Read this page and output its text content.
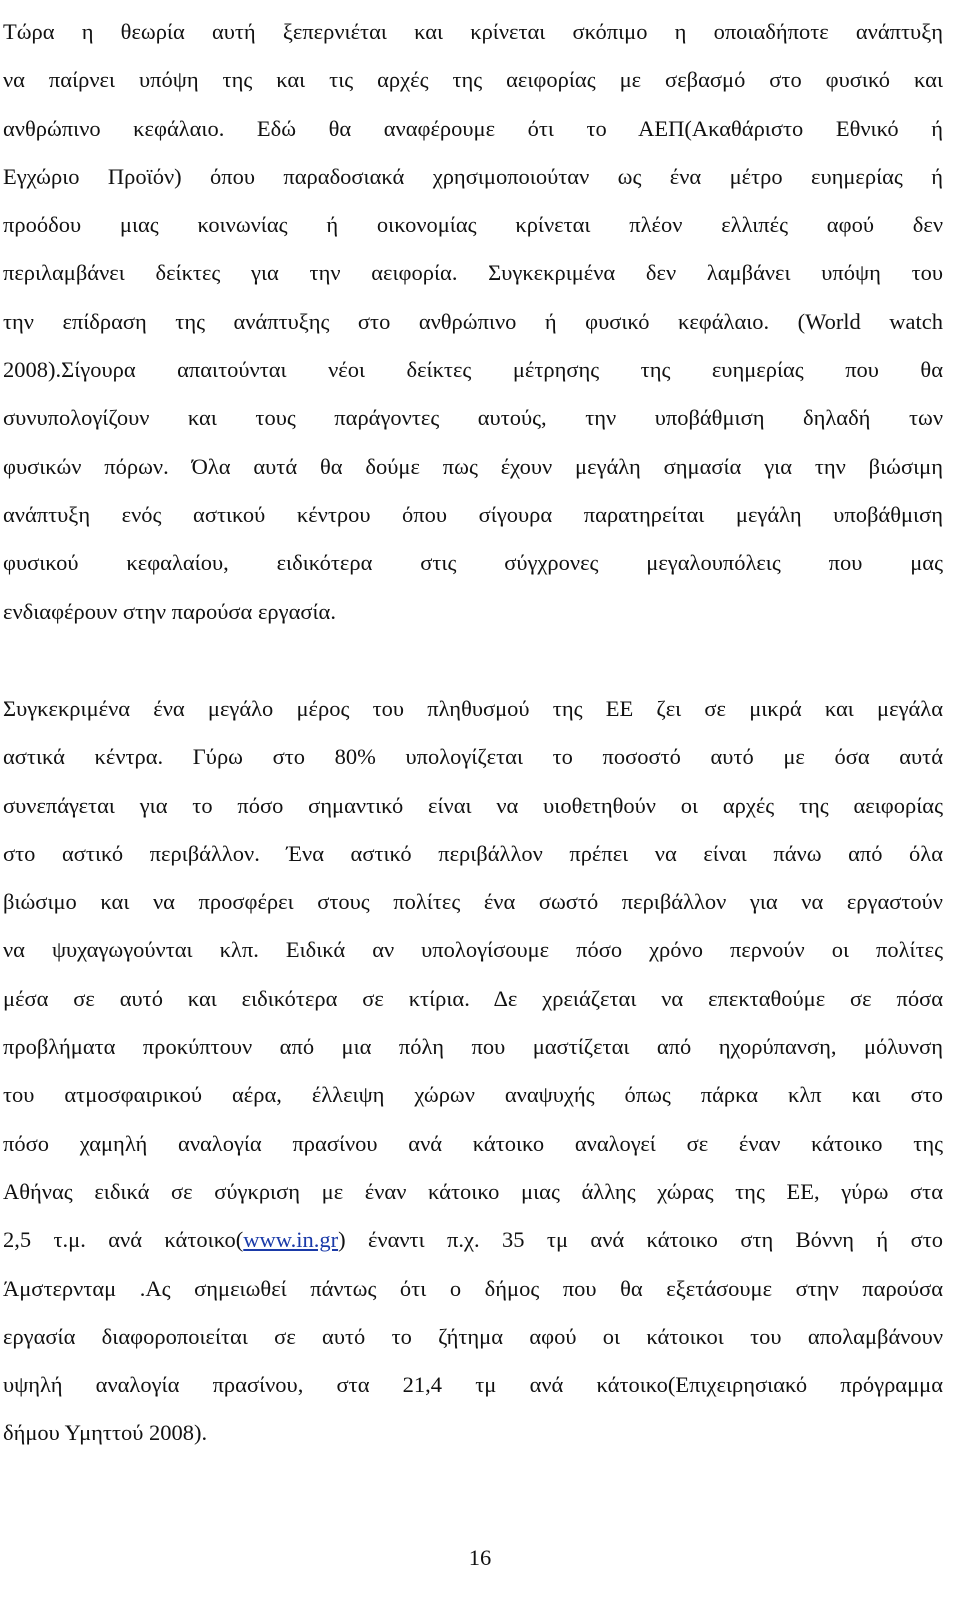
Τώρα η θεωρία αυτή ξεπερνιέται και κρίνεται σκόπιμο η οποιαδήποτε ανάπτυξη
να παίρνει υπόψη της και τις αρχές της αειφορίας με σεβασμό στο φυσικό και
ανθρώπινο κεφάλαιο. Εδώ θα αναφέρουμε ότι το ΑΕΠ(Ακαθάριστο Εθνικό ή
Εγχώριο Προϊόν) όπου παραδοσιακά χρησιμοποιούταν ως ένα μέτρο ευημερίας ή
προόδου μιας κοινωνίας ή οικονομίας κρίνεται πλέον ελλιπές αφού δεν
περιλαμβάνει δείκτες για την αειφορία. Συγκεκριμένα δεν λαμβάνει υπόψη του
την επίδραση της ανάπτυξης στο ανθρώπινο ή φυσικό κεφάλαιο. (World watch
2008).Σίγουρα απαιτούνται νέοι δείκτες μέτρησης της ευημερίας που θα
συνυπολογίζουν και τους παράγοντες αυτούς, την υποβάθμιση δηλαδή των
φυσικών πόρων. Όλα αυτά θα δούμε πως έχουν μεγάλη σημασία για την βιώσιμη
ανάπτυξη ενός αστικού κέντρου όπου σίγουρα παρατηρείται μεγάλη υποβάθμιση
φυσικού κεφαλαίου, ειδικότερα στις σύγχρονες μεγαλουπόλεις που μας
ενδιαφέρουν στην παρούσα εργασία.
Συγκεκριμένα ένα μεγάλο μέρος του πληθυσμού της ΕΕ ζει σε μικρά και μεγάλα
αστικά κέντρα. Γύρω στο 80% υπολογίζεται το ποσοστό αυτό με όσα αυτά
συνεπάγεται για το πόσο σημαντικό είναι να υιοθετηθούν οι αρχές της αειφορίας
στο αστικό περιβάλλον. Ένα αστικό περιβάλλον πρέπει να είναι πάνω από όλα
βιώσιμο και να προσφέρει στους πολίτες ένα σωστό περιβάλλον για να εργαστούν
να ψυχαγωγούνται κλπ. Ειδικά αν υπολογίσουμε πόσο χρόνο περνούν οι πολίτες
μέσα σε αυτό και ειδικότερα σε κτίρια. Δε χρειάζεται να επεκταθούμε σε πόσα
προβλήματα προκύπτουν από μια πόλη που μαστίζεται από ηχορύπανση, μόλυνση
του ατμοσφαιρικού αέρα, έλλειψη χώρων αναψυχής όπως πάρκα κλπ και στο
πόσο χαμηλή αναλογία πρασίνου ανά κάτοικο αναλογεί σε έναν κάτοικο της
Αθήνας ειδικά σε σύγκριση με έναν κάτοικο μιας άλλης χώρας της ΕΕ, γύρω στα
2,5 τ.μ. ανά κάτοικο(www.in.gr) έναντι π.χ. 35 τμ ανά κάτοικο στη Βόννη ή στο
Άμστερνταμ .Ας σημειωθεί πάντως ότι ο δήμος που θα εξετάσουμε στην παρούσα
εργασία διαφοροποιείται σε αυτό το ζήτημα αφού οι κάτοικοι του απολαμβάνουν
υψηλή αναλογία πρασίνου, στα 21,4 τμ ανά κάτοικο(Επιχειρησιακό πρόγραμμα
δήμου Υμηττού 2008).
16
